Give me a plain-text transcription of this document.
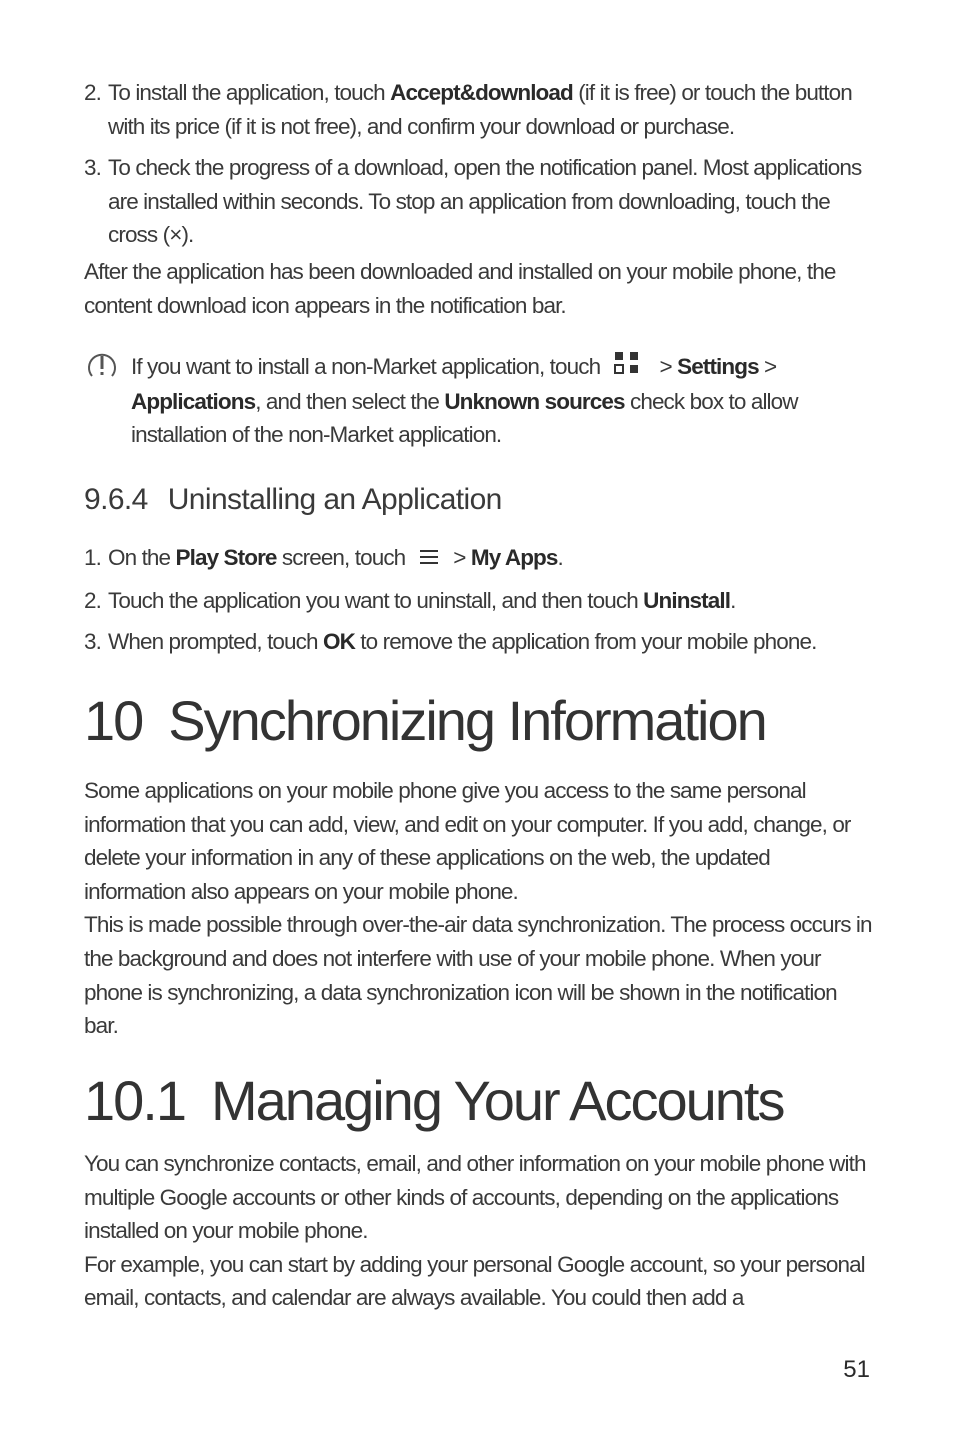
2. To install the application, touch Accept&download (if it is free) or touch the button with its price (if it is not free), and confirm your download or purchase.
3. To check the progress of a download, open the notification panel. Most applications are installed within seconds. To stop an application from downloading, touch the cross (×).

After the application has been downloaded and installed on your mobile phone, the content download icon appears in the notification bar.

If you want to install a non-Market application, touch > Settings > Applications, and then select the Unknown sources check box to allow installation of the non-Market application.
9.6.4 Uninstalling an Application
1. On the Play Store screen, touch > My Apps.
2. Touch the application you want to uninstall, and then touch Uninstall.
3. When prompted, touch OK to remove the application from your mobile phone.
10 Synchronizing Information

Some applications on your mobile phone give you access to the same personal information that you can add, view, and edit on your computer. If you add, change, or delete your information in any of these applications on the web, the updated information also appears on your mobile phone.

This is made possible through over-the-air data synchronization. The process occurs in the background and does not interfere with use of your mobile phone. When your phone is synchronizing, a data synchronization icon will be shown in the notification bar.

10.1 Managing Your Accounts

You can synchronize contacts, email, and other information on your mobile phone with multiple Google accounts or other kinds of accounts, depending on the applications installed on your mobile phone.

For example, you can start by adding your personal Google account, so your personal email, contacts, and calendar are always available. You could then add a

51
